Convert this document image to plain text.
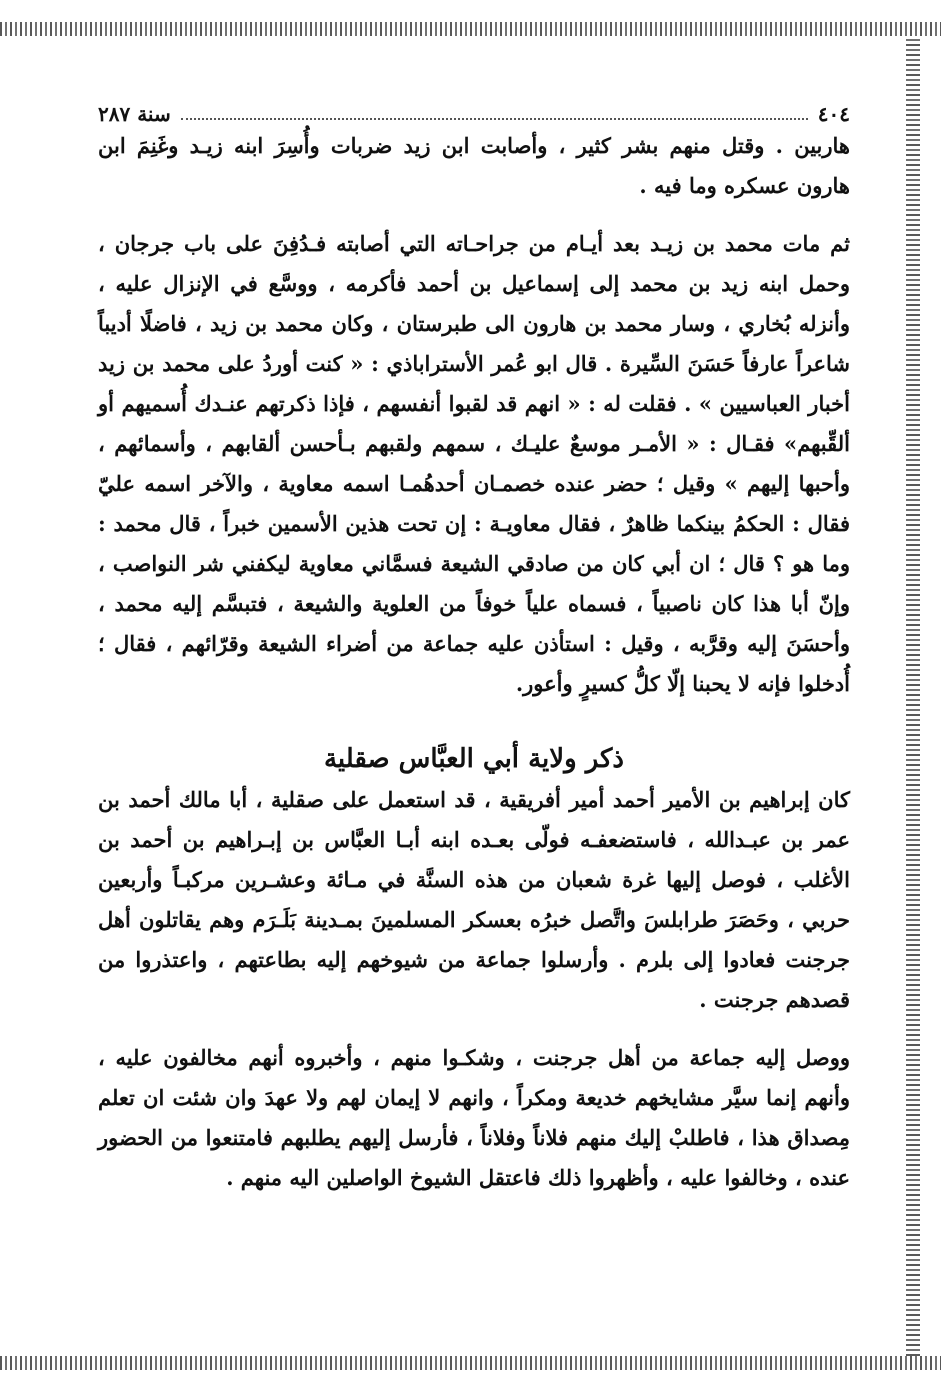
٤٠٤
سنة ٢٨٧

هاربين . وقتل منهم بشر كثير ، وأصابت ابن زيد ضربات وأُسِرَ ابنه زيـد وغَنِمَ ابن هارون عسكره وما فيه .

ثم مات محمد بن زيـد بعد أيـام من جراحـاته التي أصابته فـدُفِنَ على باب جرجان ، وحمل ابنه زيد بن محمد إلى إسماعيل بن أحمد فأكرمه ، ووسَّع في الإنزال عليه ، وأنزله بُخاري ، وسار محمد بن هارون الى طبرستان ، وكان محمد بن زيد ، فاضلًا أديباً شاعراً عارفاً حَسَنَ السِّيرة . قال ابو عُمر الأستراباذي : « كنت أوردُ على محمد بن زيد أخبار العباسيين » . فقلت له : « انهم قد لقبوا أنفسهم ، فإذا ذكرتهم عنـدك أُسميهم أو ألقِّبهم» فقـال : « الأمـر موسعٌ عليـك ، سمهم ولقبهم بـأحسن ألقابهم ، وأسمائهم ، وأحبها إليهم » وقيل ؛ حضر عنده خصمـان أحدهُمـا اسمه معاوية ، والآخر اسمه عليّ فقال : الحكمُ بينكما ظاهرٌ ، فقال معاويـة : إن تحت هذين الأسمين خبراً ، قال محمد : وما هو ؟ قال ؛ ان أبي كان من صادقي الشيعة فسمَّاني معاوية ليكفني شر النواصب ، وإنّ أبا هذا كان ناصبياً ، فسماه علياً خوفاً من العلوية والشيعة ، فتبسَّم إليه محمد ، وأحسَنَ إليه وقرَّبه ، وقيل : استأذن عليه جماعة من أضراء الشيعة وقرّائهم ، فقال ؛ أُدخلوا فإنه لا يحبنا إلّا كلُّ كسيرٍ وأعور.

ذكر ولاية أبي العبَّاس صقلية

كان إبراهيم بن الأمير أحمد أمير أفريقية ، قد استعمل على صقلية ، أبا مالك أحمد بن عمر بن عبـدالله ، فاستضعفـه فولّى بعـده ابنه أبـا العبَّاس بن إبـراهيم بن أحمد بن الأغلب ، فوصل إليها غرة شعبان من هذه السنَّة في مـائة وعشـرين مركبـاً وأربعين حربي ، وحَصَرَ طرابلسَ واتَّصل خبرُه بعسكر المسلمينَ بمـدينة بَلَـرَم وهم يقاتلون أهل جرجنت فعادوا إلى بلرم . وأرسلوا جماعة من شيوخهم إليه بطاعتهم ، واعتذروا من قصدهم جرجنت .

ووصل إليه جماعة من أهل جرجنت ، وشكـوا منهم ، وأخبروه أنهم مخالفون عليه ، وأنهم إنما سيَّر مشايخهم خديعة ومكراً ، وانهم لا إيمان لهم ولا عهدَ وان شئت ان تعلم مِصداق هذا ، فاطلبْ إليك منهم فلاناً وفلاناً ، فأرسل إليهم يطلبهم فامتنعوا من الحضور عنده ، وخالفوا عليه ، وأظهروا ذلك فاعتقل الشيوخ الواصلين اليه منهم .
